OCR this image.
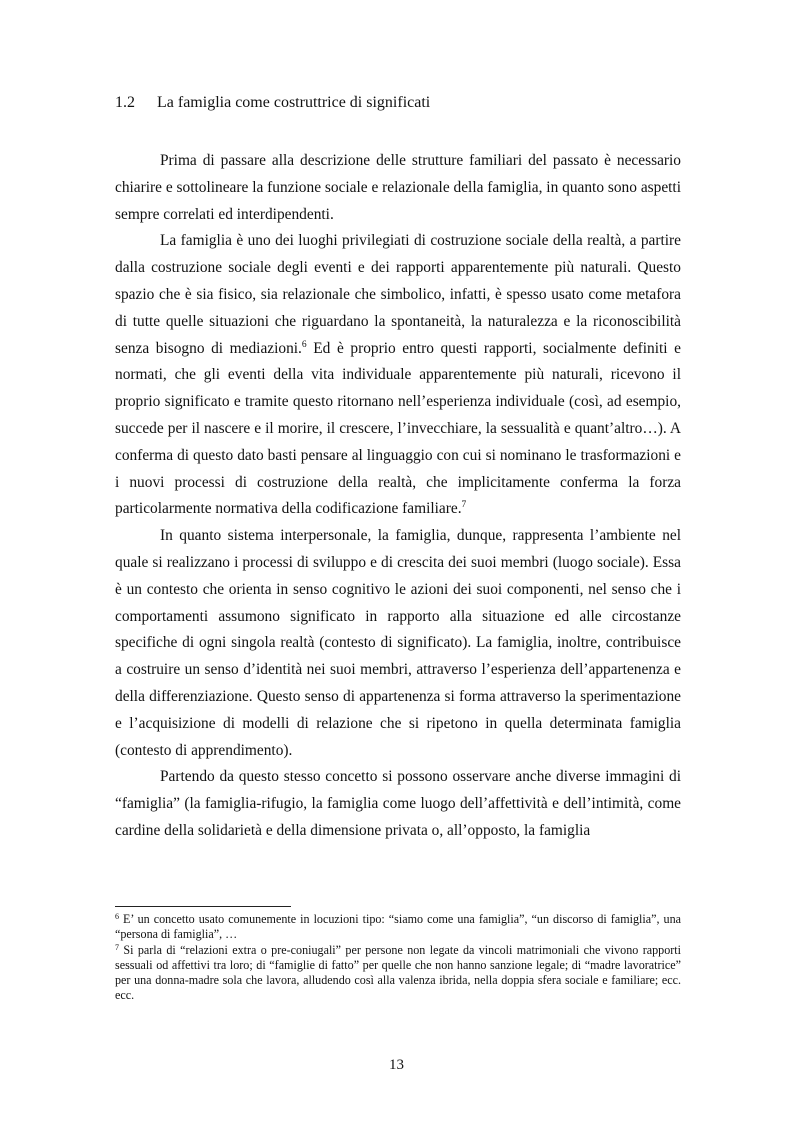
1.2 La famiglia come costruttrice di significati

Prima di passare alla descrizione delle strutture familiari del passato è necessario chiarire e sottolineare la funzione sociale e relazionale della famiglia, in quanto sono aspetti sempre correlati ed interdipendenti.

La famiglia è uno dei luoghi privilegiati di costruzione sociale della realtà, a partire dalla costruzione sociale degli eventi e dei rapporti apparentemente più naturali. Questo spazio che è sia fisico, sia relazionale che simbolico, infatti, è spesso usato come metafora di tutte quelle situazioni che riguardano la spontaneità, la naturalezza e la riconoscibilità senza bisogno di mediazioni.$^6$ Ed è proprio entro questi rapporti, socialmente definiti e normati, che gli eventi della vita individuale apparentemente più naturali, ricevono il proprio significato e tramite questo ritornano nell’esperienza individuale (così, ad esempio, succede per il nascere e il morire, il crescere, l’invecchiare, la sessualità e quant’altro…). A conferma di questo dato basti pensare al linguaggio con cui si nominano le trasformazioni e i nuovi processi di costruzione della realtà, che implicitamente conferma la forza particolarmente normativa della codificazione familiare.$^7$

In quanto sistema interpersonale, la famiglia, dunque, rappresenta l’ambiente nel quale si realizzano i processi di sviluppo e di crescita dei suoi membri (luogo sociale). Essa è un contesto che orienta in senso cognitivo le azioni dei suoi componenti, nel senso che i comportamenti assumono significato in rapporto alla situazione ed alle circostanze specifiche di ogni singola realtà (contesto di significato). La famiglia, inoltre, contribuisce a costruire un senso d’identità nei suoi membri, attraverso l’esperienza dell’appartenenza e della differenziazione. Questo senso di appartenenza si forma attraverso la sperimentazione e l’acquisizione di modelli di relazione che si ripetono in quella determinata famiglia (contesto di apprendimento).

Partendo da questo stesso concetto si possono osservare anche diverse immagini di “famiglia” (la famiglia-rifugio, la famiglia come luogo dell’affettività e dell’intimità, come cardine della solidarietà e della dimensione privata o, all’opposto, la famiglia

$^6$ E’ un concetto usato comunemente in locuzioni tipo: “siamo come una famiglia”, “un discorso di famiglia”, una “persona di famiglia”, …

$^7$ Si parla di “relazioni extra o pre-coniugali” per persone non legate da vincoli matrimoniali che vivono rapporti sessuali od affettivi tra loro; di “famiglie di fatto” per quelle che non hanno sanzione legale; di “madre lavoratrice” per una donna-madre sola che lavora, alludendo così alla valenza ibrida, nella doppia sfera sociale e familiare; ecc. ecc.

13
